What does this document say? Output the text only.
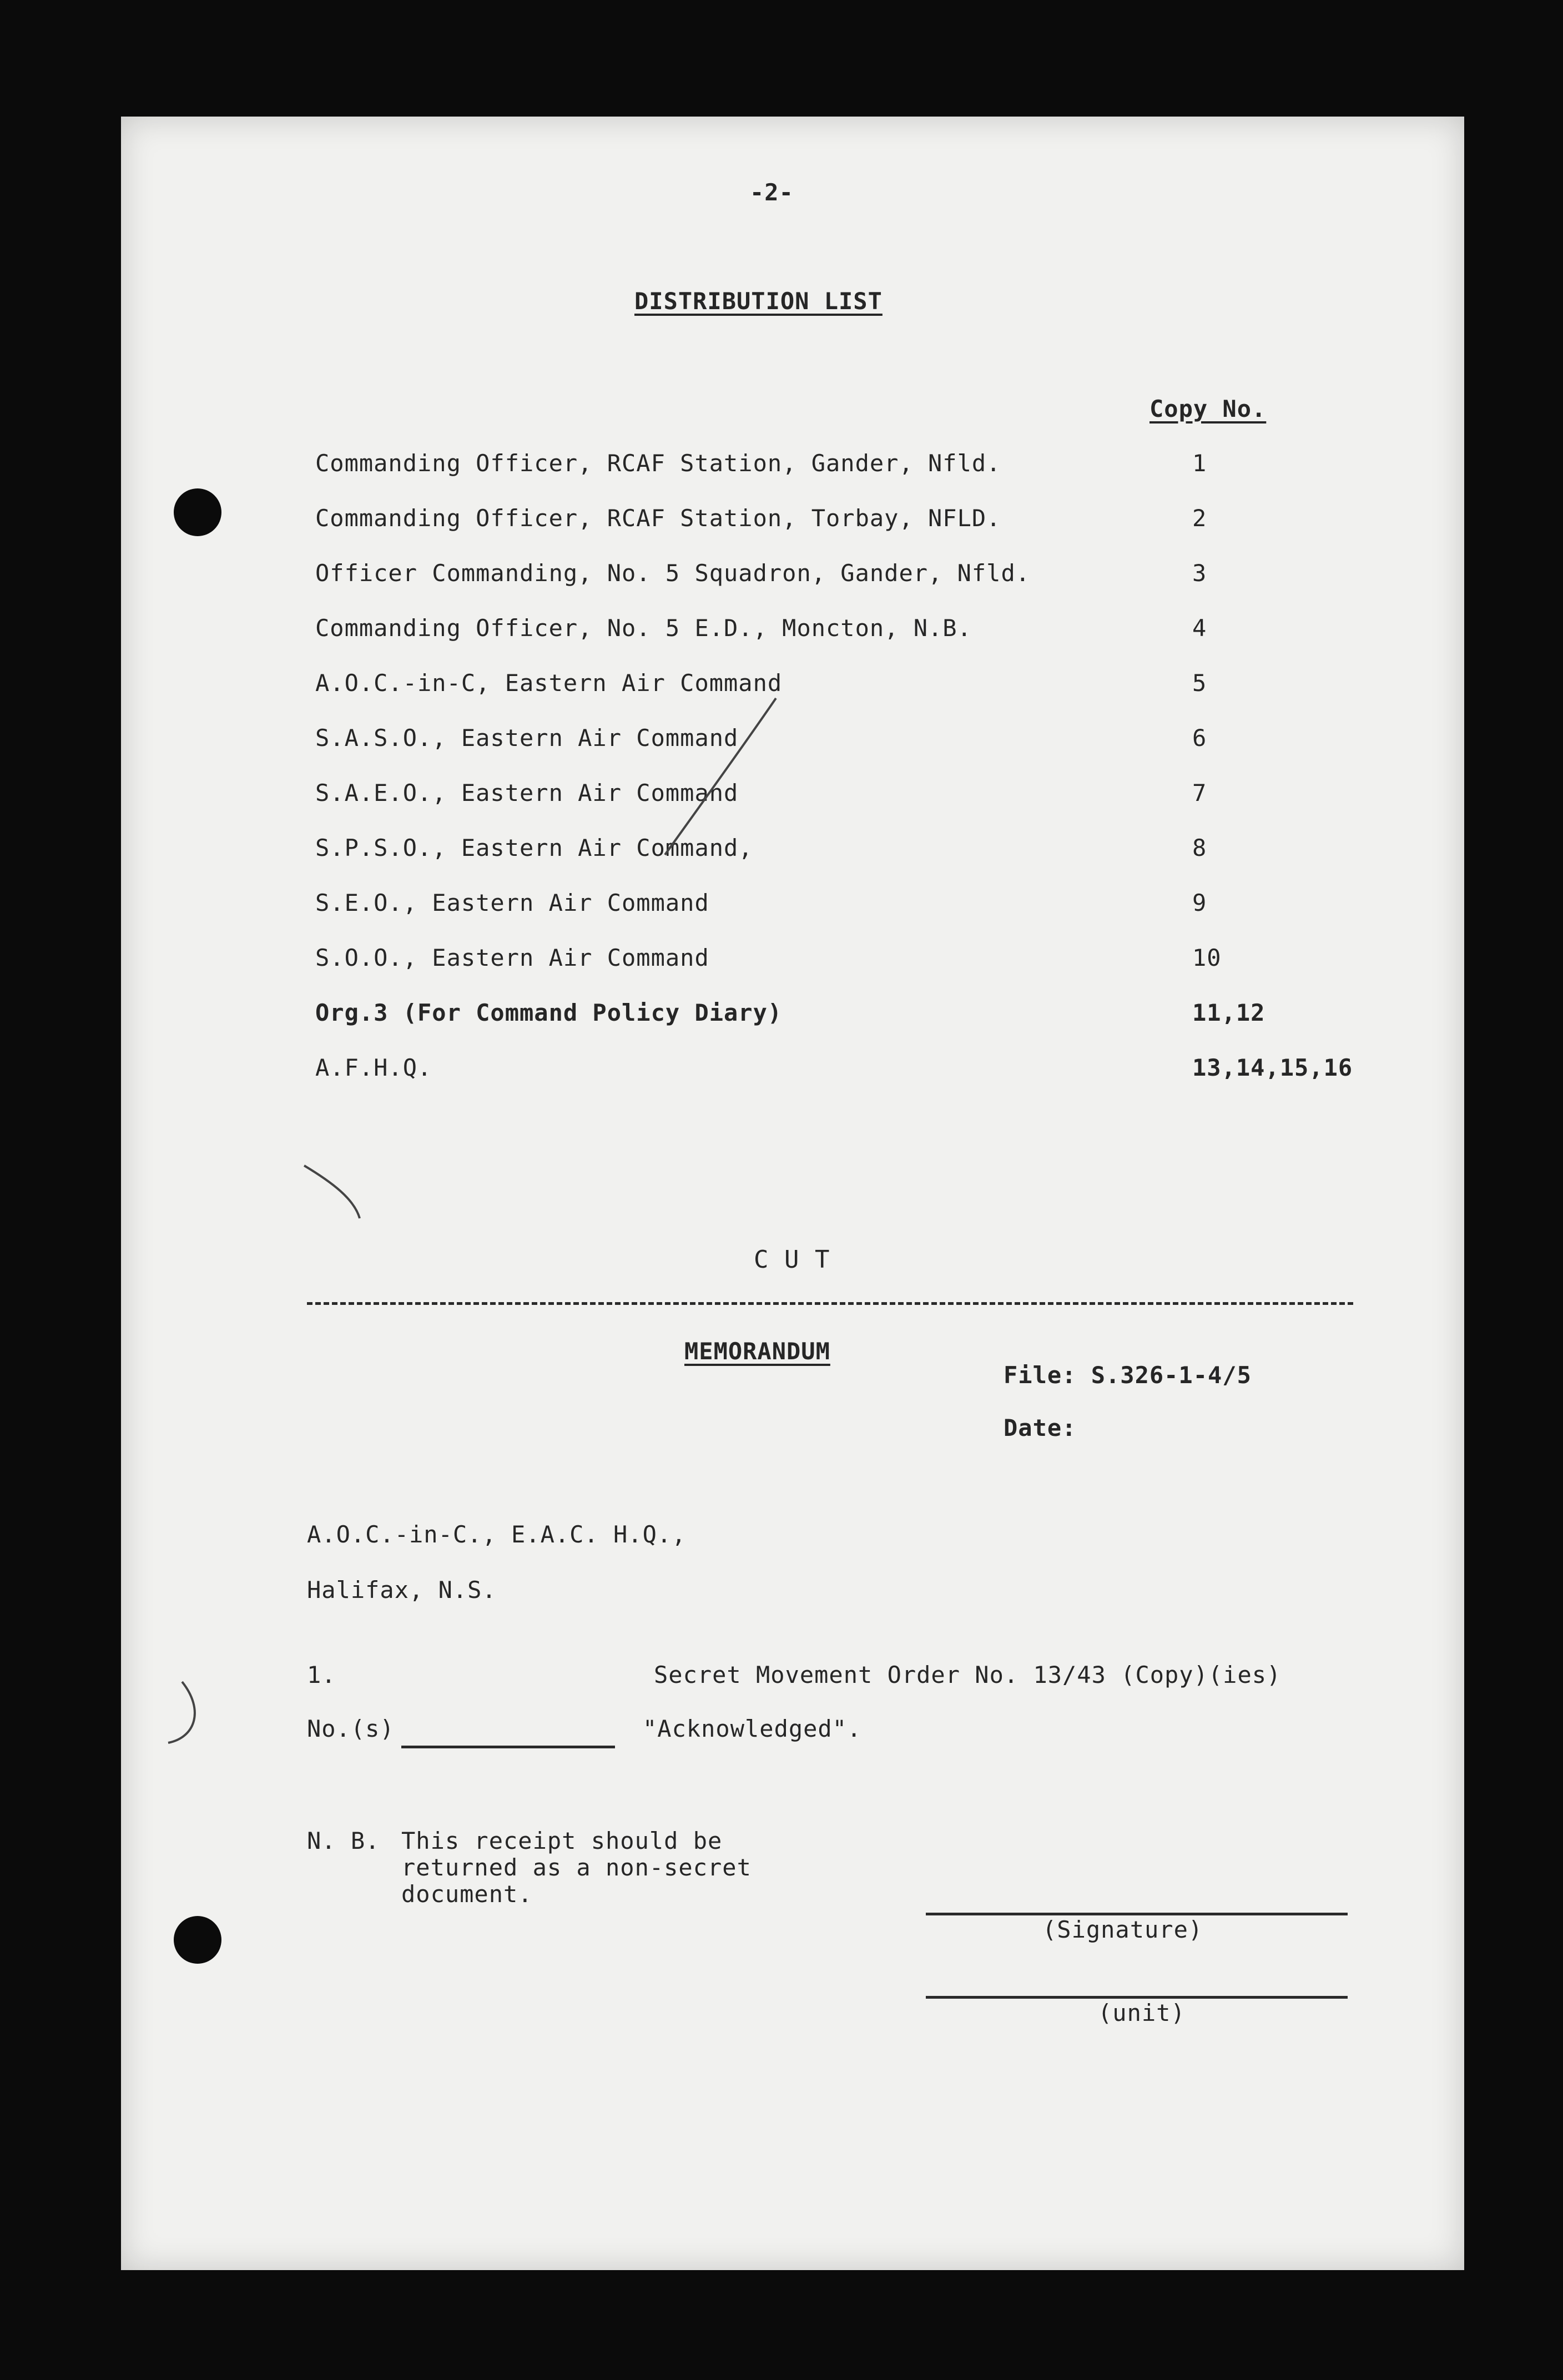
-2-
DISTRIBUTION LIST
Copy No.
Commanding Officer, RCAF Station, Gander, Nfld.	1
Commanding Officer, RCAF Station, Torbay, NFLD.	2
Officer Commanding, No. 5 Squadron, Gander, Nfld.	3
Commanding Officer, No. 5 E.D., Moncton, N.B.	4
A.O.C.-in-C, Eastern Air Command	5
S.A.S.O., Eastern Air Command	6
S.A.E.O., Eastern Air Command	7
S.P.S.O., Eastern Air Command,	8
S.E.O., Eastern Air Command	9
S.O.O., Eastern Air Command	10
Org.3 (For Command Policy Diary)	11,12
A.F.H.Q.	13,14,15,16
C U T
MEMORANDUM
File: S.326-1-4/5
Date:
A.O.C.-in-C., E.A.C. H.Q.,
Halifax, N.S.
1.	Secret Movement Order No. 13/43 (Copy)(ies)
No.(s)	"Acknowledged".
N. B. This receipt should be
returned as a non-secret
document.
(Signature)
(unit)
